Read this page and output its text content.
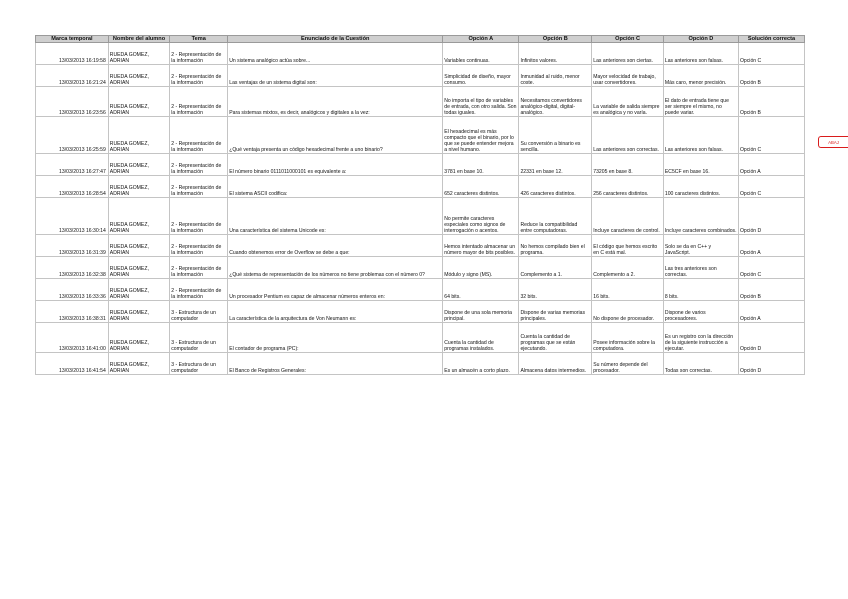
ABAJ
Marca temporal	Nombre del alumno	Tema	Enunciado de la Cuestión	Opción A	Opción B	Opción C	Opción D	Solución correcta
13/03/2013 16:19:58	RUEDA GOMEZ, ADRIAN	2 - Representación de la información	Un sistema analógico actúa sobre...	Variables continuas.	Infinitos valores.	Las anteriores son ciertas.	Las anteriores son falsas.	Opción C
13/03/2013 16:21:24	RUEDA GOMEZ, ADRIAN	2 - Representación de la información	Las ventajas de un sistema digital son:	Simplicidad de diseño, mayor consumo.	Inmunidad al ruido, menor coste.	Mayor velocidad de trabajo, usar convertidores.	Más caro, menor precisión.	Opción B
13/03/2013 16:23:56	RUEDA GOMEZ, ADRIAN	2 - Representación de la información	Para sistemas mixtos, es decir, analógicos y digitales a la vez:	No importa el tipo de variables de entrada, con otro salida. Son todas iguales.	Necesitamos convertidores analógico-digital, digital-analógico.	La variable de salida siempre es analógica y no varía.	El dato de entrada tiene que ser siempre el mismo, no puede variar.	Opción B
13/03/2013 16:25:59	RUEDA GOMEZ, ADRIAN	2 - Representación de la información	¿Qué ventaja presenta un código hexadecimal frente a uno binario?	El hexadecimal es más compacto que el binario, por lo que se puede entender mejora a nivel humano.	Su conversión a binario es sencilla.	Las anteriores son correctas.	Las anteriores son falsas.	Opción C
13/03/2013 16:27:47	RUEDA GOMEZ, ADRIAN	2 - Representación de la información	El número binario 0111011000101 es equivalente a:	3781 en base 10.	22331 en base 12.	73205 en base 8.	EC5CF en base 16.	Opción A
13/03/2013 16:28:54	RUEDA GOMEZ, ADRIAN	2 - Representación de la información	El sistema ASCII codifica:	652 caracteres distintos.	426 caracteres distintos.	256 caracteres distintos.	100 caracteres distintos.	Opción C
13/03/2013 16:30:14	RUEDA GOMEZ, ADRIAN	2 - Representación de la información	Una característica del sistema Unicode es:	No permite caracteres especiales como signos de interrogación o acentos.	Reduce la compatibilidad entre computadoras.	Incluye caracteres de control.	Incluye caracteres combinados.	Opción D
13/03/2013 16:31:39	RUEDA GOMEZ, ADRIAN	2 - Representación de la información	Cuando obtenemos error de Overflow se debe a que:	Hemos intentado almacenar un número mayor de bits posibles.	No hemos compilado bien el programa.	El código que hemos escrito en C está mal.	Solo se da en C++ y JavaScript.	Opción A
13/03/2013 16:32:38	RUEDA GOMEZ, ADRIAN	2 - Representación de la información	¿Qué sistema de representación de los números no tiene problemas con el número 0?	Módulo y signo (MS).	Complemento a 1.	Complemento a 2.	Las tres anteriores son correctas.	Opción C
13/03/2013 16:33:36	RUEDA GOMEZ, ADRIAN	2 - Representación de la información	Un procesador Pentium es capaz de almacenar números enteros en:	64 bits.	32 bits.	16 bits.	8 bits.	Opción B
13/03/2013 16:38:31	RUEDA GOMEZ, ADRIAN	3 - Estructura de un computador	La característica de la arquitectura de Von Neumann es:	Dispone de una sola memoria principal.	Dispone de varias memorias principales.	No dispone de procesador.	Dispone de varios procesadores.	Opción A
13/03/2013 16:41:00	RUEDA GOMEZ, ADRIAN	3 - Estructura de un computador	El contador de programa (PC):	Cuenta la cantidad de programas instalados.	Cuenta la cantidad de programas que se están ejecutando.	Posee información sobre la computadora.	Es un registro con la dirección de la siguiente instrucción a ejecutar.	Opción D
13/03/2013 16:41:54	RUEDA GOMEZ, ADRIAN	3 - Estructura de un computador	El Banco de Registros Generales:	Es un almacén a corto plazo.	Almacena datos intermedios.	Su número depende del procesador.	Todas son correctas.	Opción D
